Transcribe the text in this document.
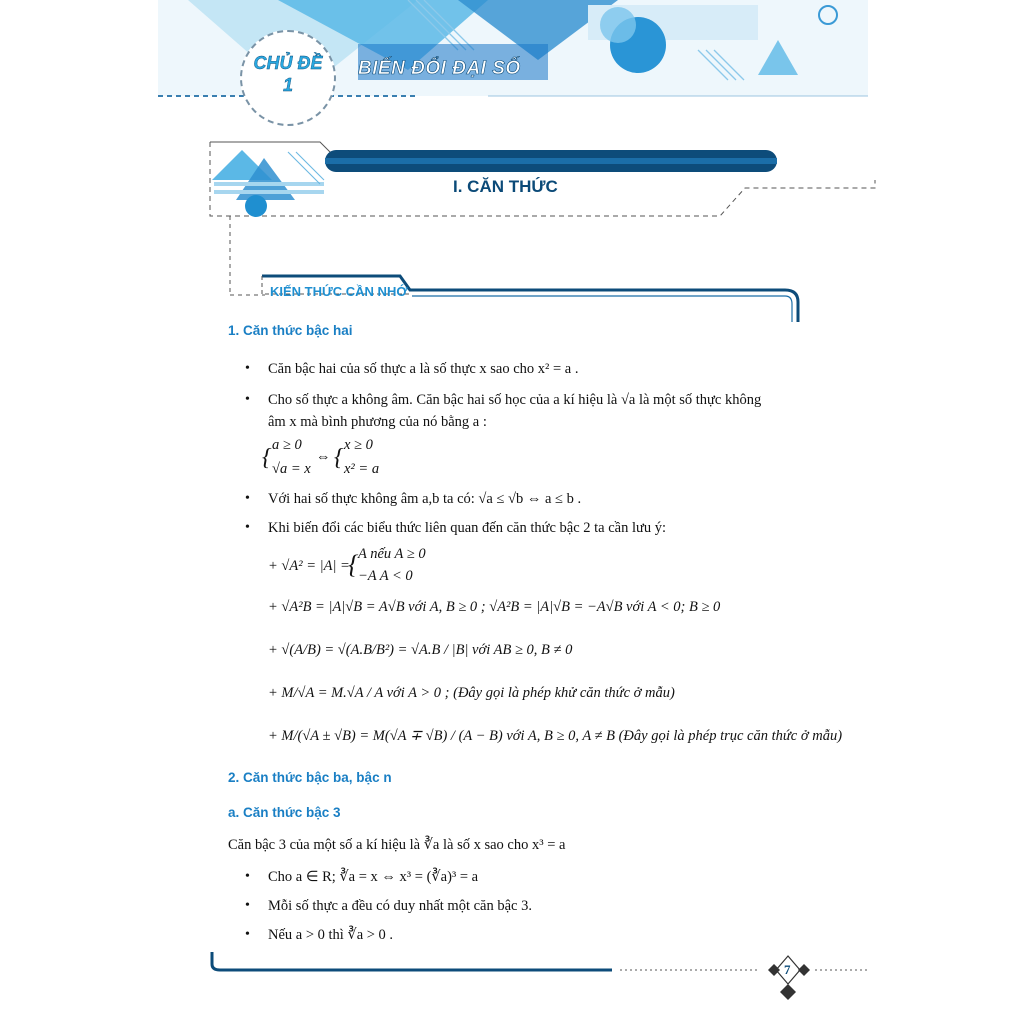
CHỦ ĐỀ
1
BIẾN ĐỔI ĐẠI SỐ
I. CĂN THỨC
KIẾN THỨC CẦN NHỚ
1. Căn thức bậc hai
• Căn bậc hai của số thực a là số thực x sao cho x² = a .
• Cho số thực a không âm. Căn bậc hai số học của a kí hiệu là √a là một số thực không
âm x mà bình phương của nó bằng a :
{ a ≥ 0
√a = x
⇔ { x ≥ 0
x² = a
• Với hai số thực không âm a,b ta có: √a ≤ √b ⇔ a ≤ b .
• Khi biến đổi các biểu thức liên quan đến căn thức bậc 2 ta cần lưu ý:
+ √A² = |A| =
{ A nếu A ≥ 0
−A A < 0
+ √A²B = |A|√B = A√B với A, B ≥ 0 ; √A²B = |A|√B = −A√B với A < 0; B ≥ 0
+ √(A/B) = √(A.B/B²) = √A.B / |B| với AB ≥ 0, B ≠ 0
+ M/√A = M.√A / A với A > 0 ; (Đây gọi là phép khử căn thức ở mẫu)
+ M/(√A ± √B) = M(√A ∓ √B) / (A − B) với A, B ≥ 0, A ≠ B (Đây gọi là phép trục căn thức ở mẫu)
2. Căn thức bậc ba, bậc n
a. Căn thức bậc 3
Căn bậc 3 của một số a kí hiệu là ∛a là số x sao cho x³ = a
• Cho a ∈ R; ∛a = x ⇔ x³ = (∛a)³ = a
• Mỗi số thực a đều có duy nhất một căn bậc 3.
• Nếu a > 0 thì ∛a > 0 .
7
